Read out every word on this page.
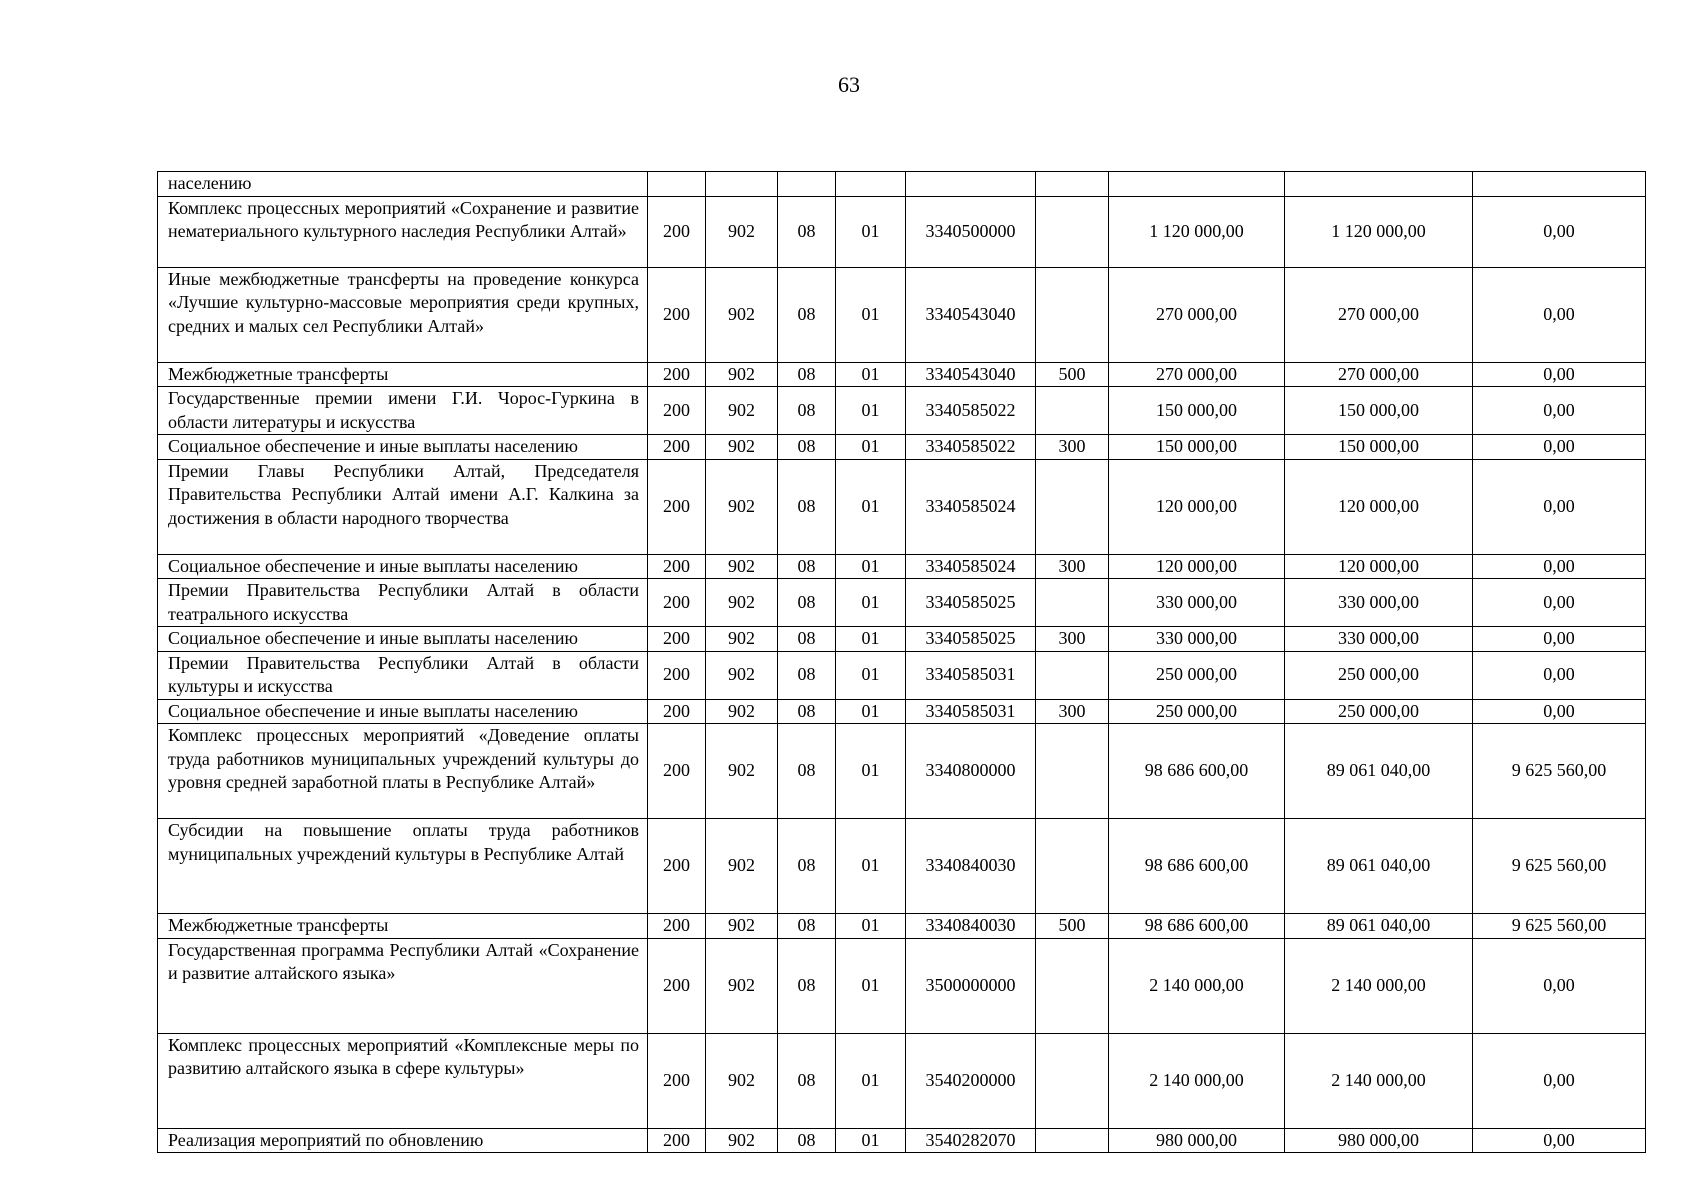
63
населению									
Комплекс процессных мероприятий «Сохранение и развитие нематериального культурного наследия Республики Алтай»	200	902	08	01	3340500000		1 120 000,00	1 120 000,00	0,00
Иные межбюджетные трансферты на проведение конкурса «Лучшие культурно-массовые мероприятия среди крупных, средних и малых сел Республики Алтай»	200	902	08	01	3340543040		270 000,00	270 000,00	0,00
Межбюджетные трансферты	200	902	08	01	3340543040	500	270 000,00	270 000,00	0,00
Государственные премии имени Г.И. Чорос-Гуркина в области литературы и искусства	200	902	08	01	3340585022		150 000,00	150 000,00	0,00
Социальное обеспечение и иные выплаты населению	200	902	08	01	3340585022	300	150 000,00	150 000,00	0,00
Премии Главы Республики Алтай, Председателя Правительства Республики Алтай имени А.Г. Калкина за достижения в области народного творчества	200	902	08	01	3340585024		120 000,00	120 000,00	0,00
Социальное обеспечение и иные выплаты населению	200	902	08	01	3340585024	300	120 000,00	120 000,00	0,00
Премии Правительства Республики Алтай в области театрального искусства	200	902	08	01	3340585025		330 000,00	330 000,00	0,00
Социальное обеспечение и иные выплаты населению	200	902	08	01	3340585025	300	330 000,00	330 000,00	0,00
Премии Правительства Республики Алтай в области культуры и искусства	200	902	08	01	3340585031		250 000,00	250 000,00	0,00
Социальное обеспечение и иные выплаты населению	200	902	08	01	3340585031	300	250 000,00	250 000,00	0,00
Комплекс процессных мероприятий «Доведение оплаты труда работников муниципальных учреждений культуры до уровня средней заработной платы в Республике Алтай»	200	902	08	01	3340800000		98 686 600,00	89 061 040,00	9 625 560,00
Субсидии на повышение оплаты труда работников муниципальных учреждений культуры в Республике Алтай	200	902	08	01	3340840030		98 686 600,00	89 061 040,00	9 625 560,00
Межбюджетные трансферты	200	902	08	01	3340840030	500	98 686 600,00	89 061 040,00	9 625 560,00
Государственная программа Республики Алтай «Сохранение и развитие алтайского языка»	200	902	08	01	3500000000		2 140 000,00	2 140 000,00	0,00
Комплекс процессных мероприятий «Комплексные меры по развитию алтайского языка в сфере культуры»	200	902	08	01	3540200000		2 140 000,00	2 140 000,00	0,00
Реализация мероприятий по обновлению	200	902	08	01	3540282070		980 000,00	980 000,00	0,00
